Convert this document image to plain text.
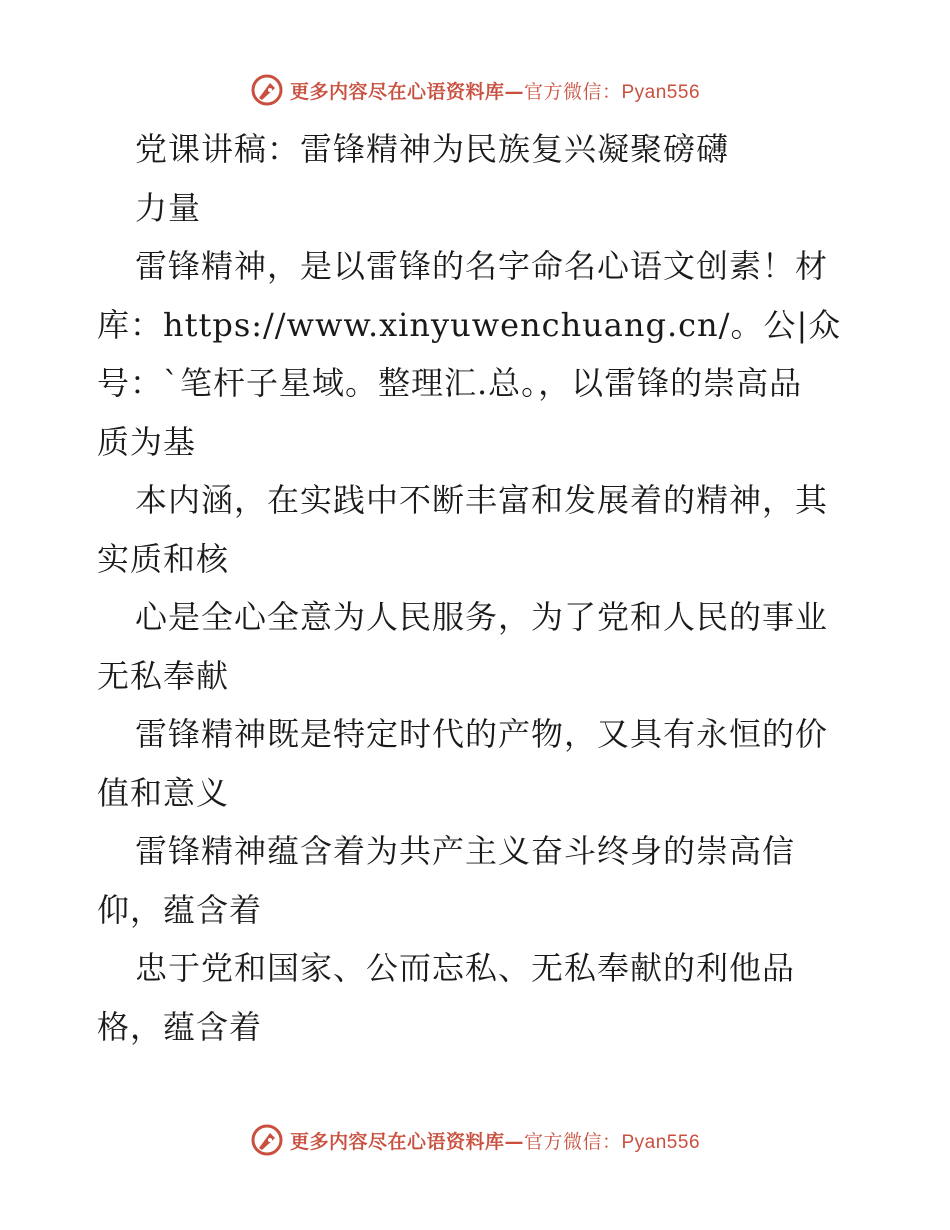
更多内容尽在心语资料库—官方微信：Pyan556
党课讲稿：雷锋精神为民族复兴凝聚磅礴
力量
雷锋精神，是以雷锋的名字命名心语文创素！材
库：https://www.xinyuwenchuang.cn/。公|众
号：`笔杆子星域。整理汇.总。，以雷锋的崇高品
质为基
本内涵，在实践中不断丰富和发展着的精神，其
实质和核
心是全心全意为人民服务，为了党和人民的事业
无私奉献
雷锋精神既是特定时代的产物，又具有永恒的价
值和意义
雷锋精神蕴含着为共产主义奋斗终身的崇高信
仰，蕴含着
忠于党和国家、公而忘私、无私奉献的利他品
格，蕴含着
更多内容尽在心语资料库—官方微信：Pyan556
